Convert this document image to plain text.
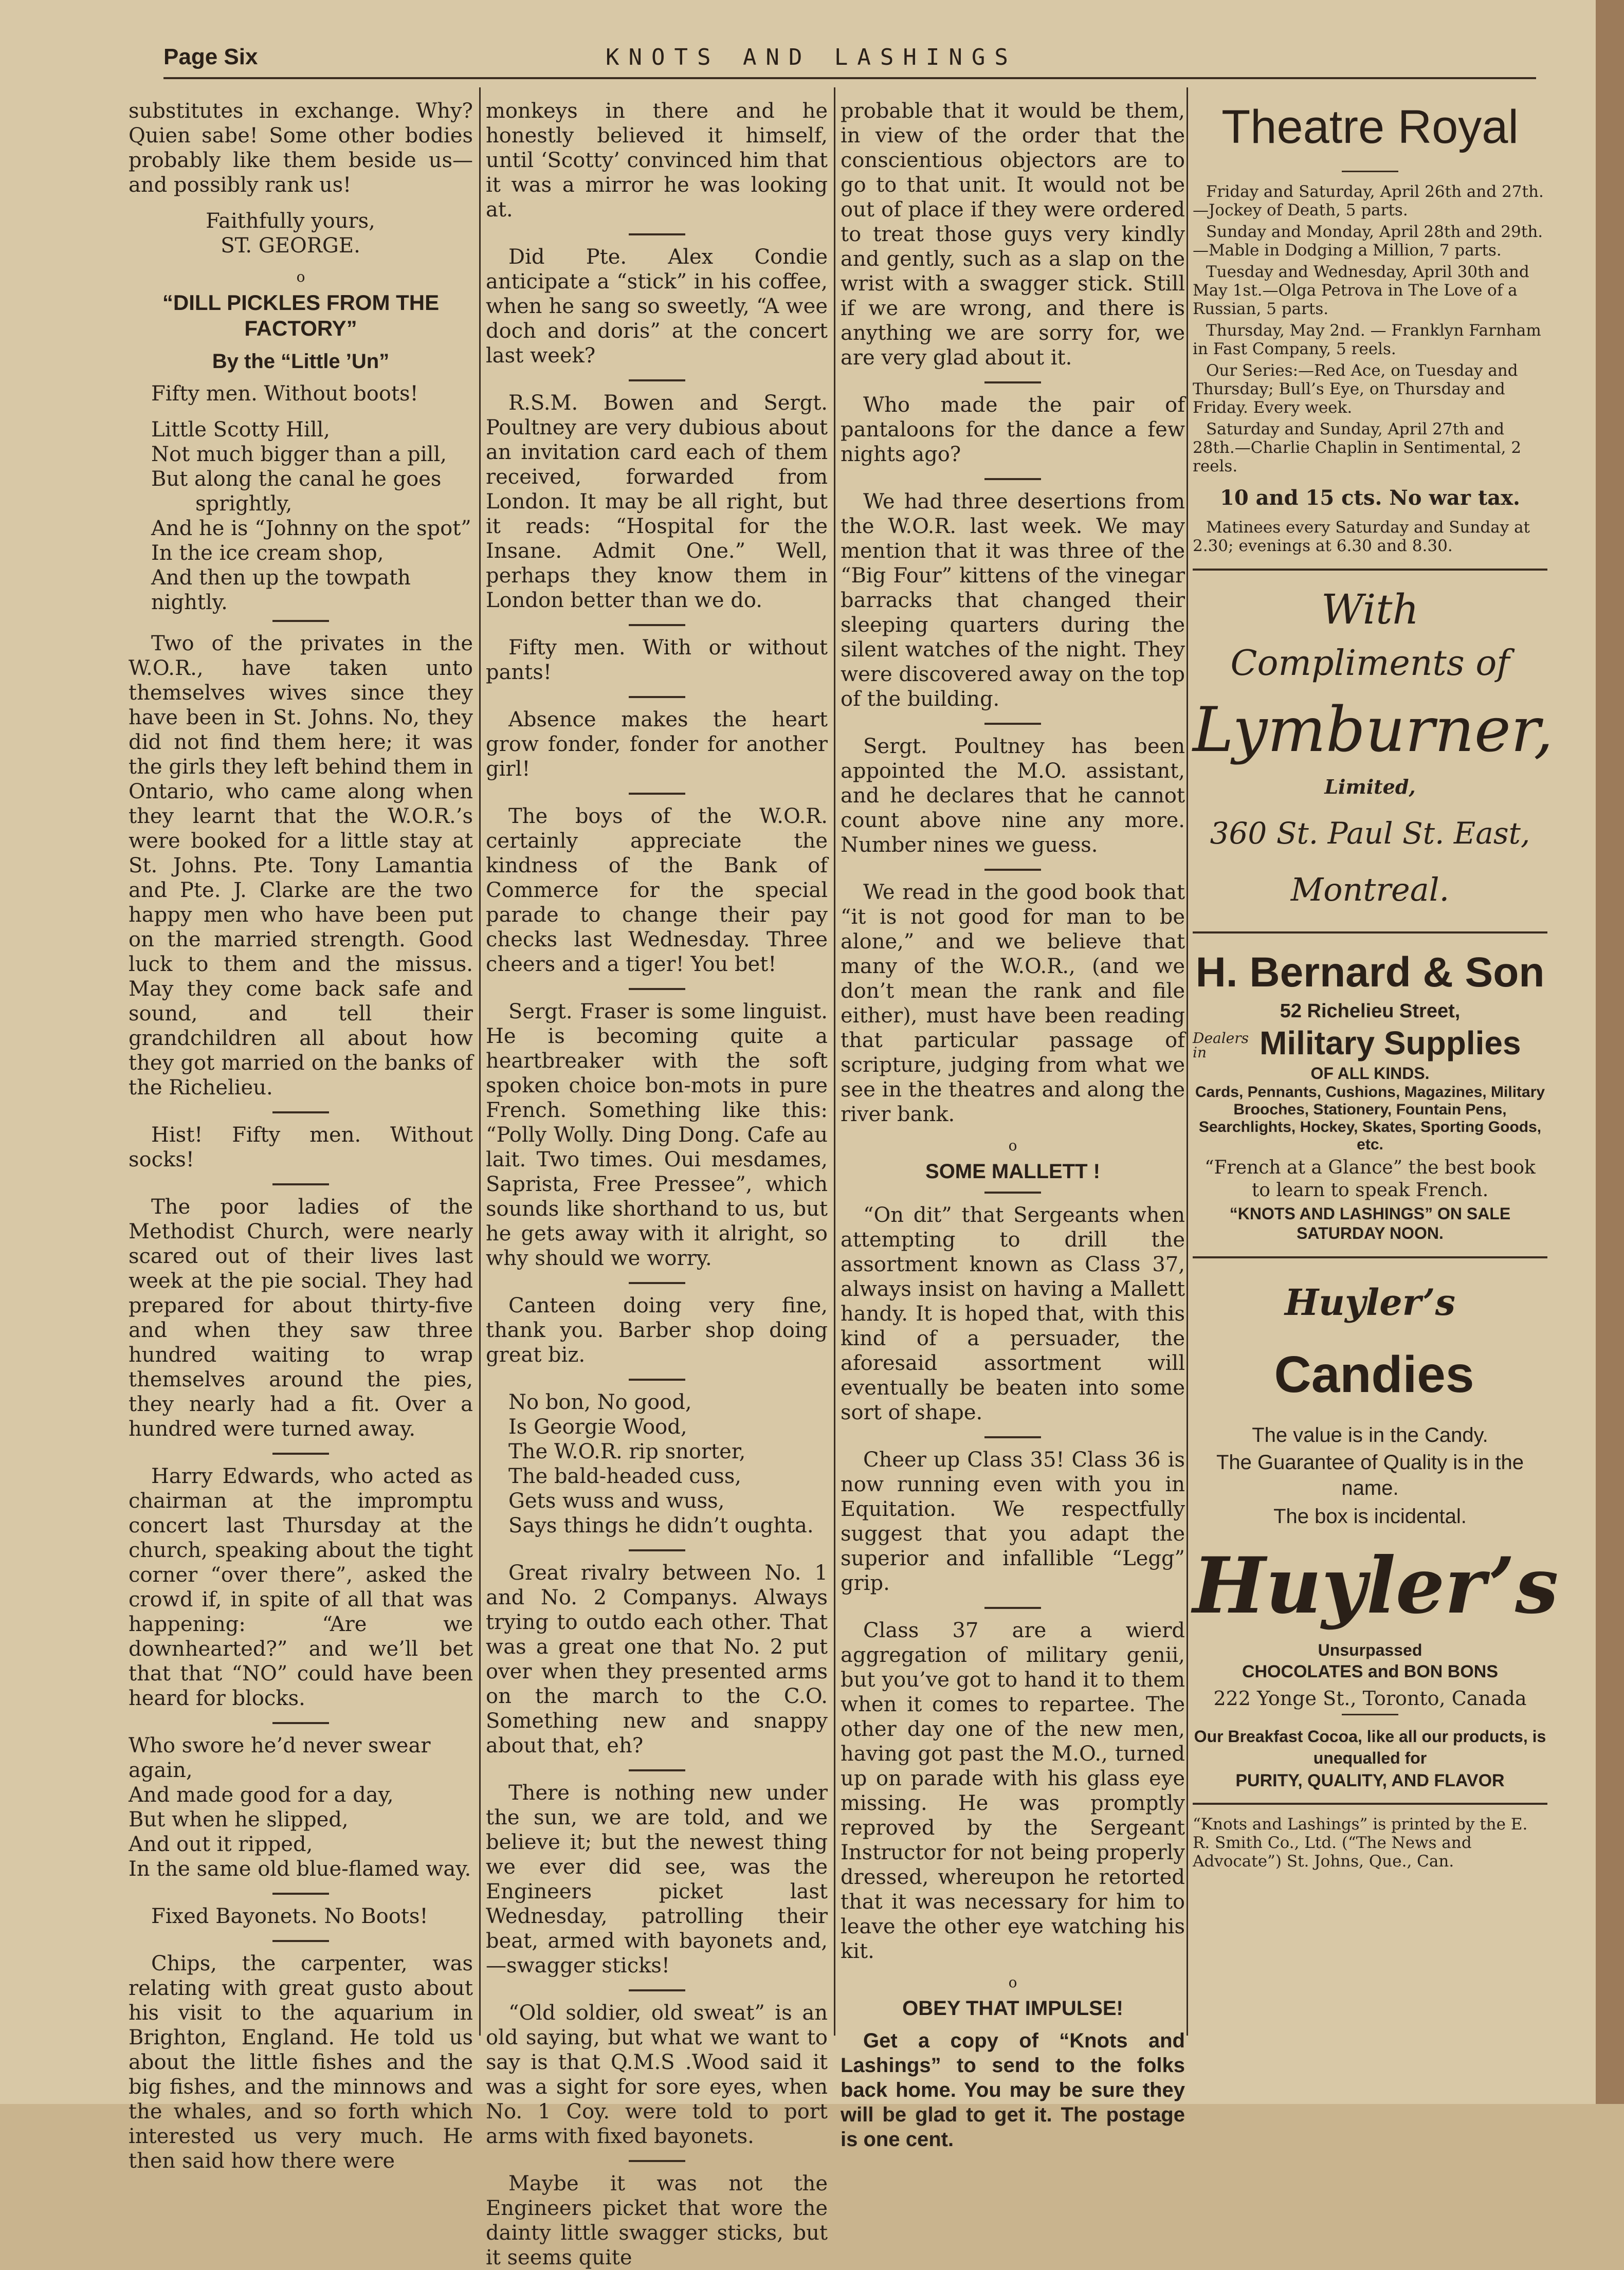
Page Six	KNOTS AND LASHINGS

substitutes in exchange. Why? Quien sabe! Some other bodies probably like them beside us—and possibly rank us!

Faithfully yours,

ST. GEORGE.

o
“DILL PICKLES FROM THE FACTORY”
By the “Little ’Un”

Fifty men. Without boots!

Little Scotty Hill,

Not much bigger than a pill,

But along the canal he goes

sprightly,

And he is “Johnny on the spot”

In the ice cream shop,

And then up the towpath nightly.

Two of the privates in the W.O.R., have taken unto themselves wives since they have been in St. Johns. No, they did not find them here; it was the girls they left behind them in Ontario, who came along when they learnt that the W.O.R.’s were booked for a little stay at St. Johns. Pte. Tony Lamantia and Pte. J. Clarke are the two happy men who have been put on the married strength. Good luck to them and the missus. May they come back safe and sound, and tell their grandchildren all about how they got married on the banks of the Richelieu.

Hist! Fifty men. Without socks!

The poor ladies of the Methodist Church, were nearly scared out of their lives last week at the pie social. They had prepared for about thirty-five and when they saw three hundred waiting to wrap themselves around the pies, they nearly had a fit. Over a hundred were turned away.

Harry Edwards, who acted as chairman at the impromptu concert last Thursday at the church, speaking about the tight corner “over there”, asked the crowd if, in spite of all that was happening: “Are we downhearted?” and we’ll bet that that “NO” could have been heard for blocks.

Who swore he’d never swear again,

And made good for a day,

But when he slipped,

And out it ripped,

In the same old blue-flamed way.

Fixed Bayonets. No Boots!

Chips, the carpenter, was relating with great gusto about his visit to the aquarium in Brighton, England. He told us about the little fishes and the big fishes, and the minnows and the whales, and so forth which interested us very much. He then said how there were

monkeys in there and he honestly believed it himself, until ‘Scotty’ convinced him that it was a mirror he was looking at.

Did Pte. Alex Condie anticipate a “stick” in his coffee, when he sang so sweetly, “A wee doch and doris” at the concert last week?

R.S.M. Bowen and Sergt. Poultney are very dubious about an invitation card each of them received, forwarded from London. It may be all right, but it reads: “Hospital for the Insane. Admit One.” Well, perhaps they know them in London better than we do.

Fifty men. With or without pants!

Absence makes the heart grow fonder, fonder for another girl!

The boys of the W.O.R. certainly appreciate the kindness of the Bank of Commerce for the special parade to change their pay checks last Wednesday. Three cheers and a tiger! You bet!

Sergt. Fraser is some linguist. He is becoming quite a heartbreaker with the soft spoken choice bon-mots in pure French. Something like this: “Polly Wolly. Ding Dong. Cafe au lait. Two times. Oui mesdames, Saprista, Free Pressee”, which sounds like shorthand to us, but he gets away with it alright, so why should we worry.

Canteen doing very fine, thank you. Barber shop doing great biz.

No bon, No good,

Is Georgie Wood,

The W.O.R. rip snorter,

The bald-headed cuss,

Gets wuss and wuss,

Says things he didn’t oughta.

Great rivalry between No. 1 and No. 2 Companys. Always trying to outdo each other. That was a great one that No. 2 put over when they presented arms on the march to the C.O. Something new and snappy about that, eh?

There is nothing new under the sun, we are told, and we believe it; but the newest thing we ever did see, was the Engineers picket last Wednesday, patrolling their beat, armed with bayonets and,—swagger sticks!

“Old soldier, old sweat” is an old saying, but what we want to say is that Q.M.S .Wood said it was a sight for sore eyes, when No. 1 Coy. were told to port arms with fixed bayonets.

Maybe it was not the Engineers picket that wore the dainty little swagger sticks, but it seems quite

probable that it would be them, in view of the order that the conscientious objectors are to go to that unit. It would not be out of place if they were ordered to treat those guys very kindly and gently, such as a slap on the wrist with a swagger stick. Still if we are wrong, and there is anything we are sorry for, we are very glad about it.

Who made the pair of pantaloons for the dance a few nights ago?

We had three desertions from the W.O.R. last week. We may mention that it was three of the “Big Four” kittens of the vinegar barracks that changed their sleeping quarters during the silent watches of the night. They were discovered away on the top of the building.

Sergt. Poultney has been appointed the M.O. assistant, and he declares that he cannot count above nine any more. Number nines we guess.

We read in the good book that “it is not good for man to be alone,” and we believe that many of the W.O.R., (and we don’t mean the rank and file either), must have been reading that particular passage of scripture, judging from what we see in the theatres and along the river bank.

o
SOME MALLETT !

“On dit” that Sergeants when attempting to drill the assortment known as Class 37, always insist on having a Mallett handy. It is hoped that, with this kind of a persuader, the aforesaid assortment will eventually be beaten into some sort of shape.

Cheer up Class 35! Class 36 is now running even with you in Equitation. We respectfully suggest that you adapt the superior and infallible “Legg” grip.

Class 37 are a wierd aggregation of military genii, but you’ve got to hand it to them when it comes to repartee. The other day one of the new men, having got past the M.O., turned up on parade with his glass eye missing. He was promptly reproved by the Sergeant Instructor for not being properly dressed, whereupon he retorted that it was necessary for him to leave the other eye watching his kit.

o
OBEY THAT IMPULSE!

Get a copy of “Knots and Lashings” to send to the folks back home. You may be sure they will be glad to get it. The postage is one cent.

Theatre Royal

Friday and Saturday, April 26th and 27th.—Jockey of Death, 5 parts.

Sunday and Monday, April 28th and 29th.—Mable in Dodging a Million, 7 parts.

Tuesday and Wednesday, April 30th and May 1st.—Olga Petrova in The Love of a Russian, 5 parts.

Thursday, May 2nd. — Franklyn Farnham in Fast Company, 5 reels.

Our Series:—Red Ace, on Tuesday and Thursday; Bull’s Eye, on Thursday and Friday. Every week.

Saturday and Sunday, April 27th and 28th.—Charlie Chaplin in Sentimental, 2 reels.

10 and 15 cts. No war tax.

Matinees every Saturday and Sunday at 2.30; evenings at 6.30 and 8.30.

With
Compliments of
Lymburner,
Limited,
360 St. Paul St. East,
Montreal.
H. Bernard & Son
52 Richelieu Street,
Dealers in	Military Supplies
OF ALL KINDS.
Cards, Pennants, Cushions, Magazines, Military Brooches, Stationery, Fountain Pens, Searchlights, Hockey, Skates, Sporting Goods, etc.
“French at a Glance” the best book to learn to speak French.
“KNOTS AND LASHINGS” ON SALE SATURDAY NOON.
Huyler’s Candies
The value is in the Candy.
The Guarantee of Quality is in the name.
The box is incidental.
Huyler’s
Unsurpassed
CHOCOLATES and BON BONS
222 Yonge St., Toronto, Canada
Our Breakfast Cocoa, like all our products, is unequalled for
PURITY, QUALITY, AND FLAVOR
“Knots and Lashings” is printed by the E. R. Smith Co., Ltd. (“The News and Advocate”) St. Johns, Que., Can.
